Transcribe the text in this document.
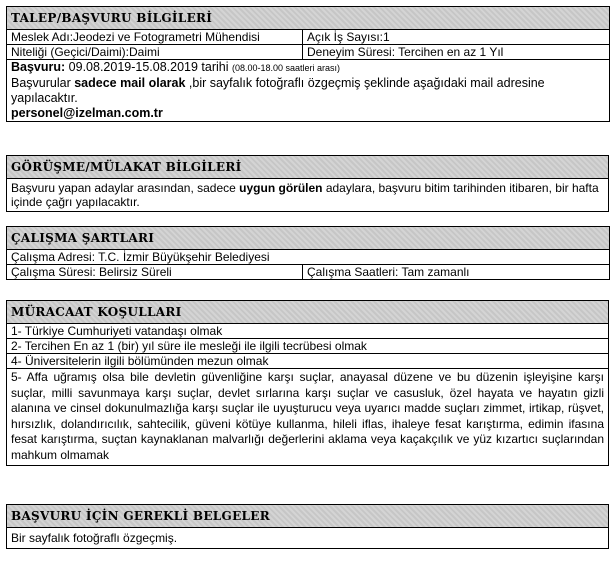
TALEP/BAŞVURU BİLGİLERİ	
Meslek Adı:Jeodezi ve Fotogrametri Mühendisi	Açık İş Sayısı:1
Niteliği (Geçici/Daimi):Daimi	Deneyim Süresi: Tercihen en az 1 Yıl
Başvuru: 09.08.2019-15.08.2019 tarihi (08.00-18.00 saatleri arası)
Başvurular sadece mail olarak ,bir sayfalık fotoğraflı özgeçmiş şeklinde aşağıdaki mail adresine yapılacaktır.
personel@izelman.com.tr	
GÖRÜŞME/MÜLAKAT BİLGİLERİ
Başvuru yapan adaylar arasından, sadece uygun görülen adaylara, başvuru bitim tarihinden itibaren, bir hafta içinde çağrı yapılacaktır.
ÇALIŞMA ŞARTLARI
Çalışma Adresi: T.C. İzmir Büyükşehir Belediyesi
Çalışma Süresi: Belirsiz Süreli	Çalışma Saatleri: Tam zamanlı
MÜRACAAT KOŞULLARI
1- Türkiye Cumhuriyeti vatandaşı olmak
2- Tercihen En az 1 (bir) yıl süre ile mesleği ile ilgili tecrübesi olmak
4- Üniversitelerin ilgili bölümünden mezun olmak
5- Affa uğramış olsa bile devletin güvenliğine karşı suçlar, anayasal düzene ve bu düzenin işleyişine karşı suçlar, milli savunmaya karşı suçlar, devlet sırlarına karşı suçlar ve casusluk, özel hayata ve hayatın gizli alanına ve cinsel dokunulmazlığa karşı suçlar ile uyuşturucu veya uyarıcı madde suçları zimmet, irtikap, rüşvet, hırsızlık, dolandırıcılık, sahtecilik, güveni kötüye kullanma, hileli iflas, ihaleye fesat karıştırma, edimin ifasına fesat karıştırma, suçtan kaynaklanan malvarlığı değerlerini aklama veya kaçakçılık ve yüz kızartıcı suçlarından mahkum olmamak
BAŞVURU İÇİN GEREKLİ BELGELER
Bir sayfalık fotoğraflı özgeçmiş.
